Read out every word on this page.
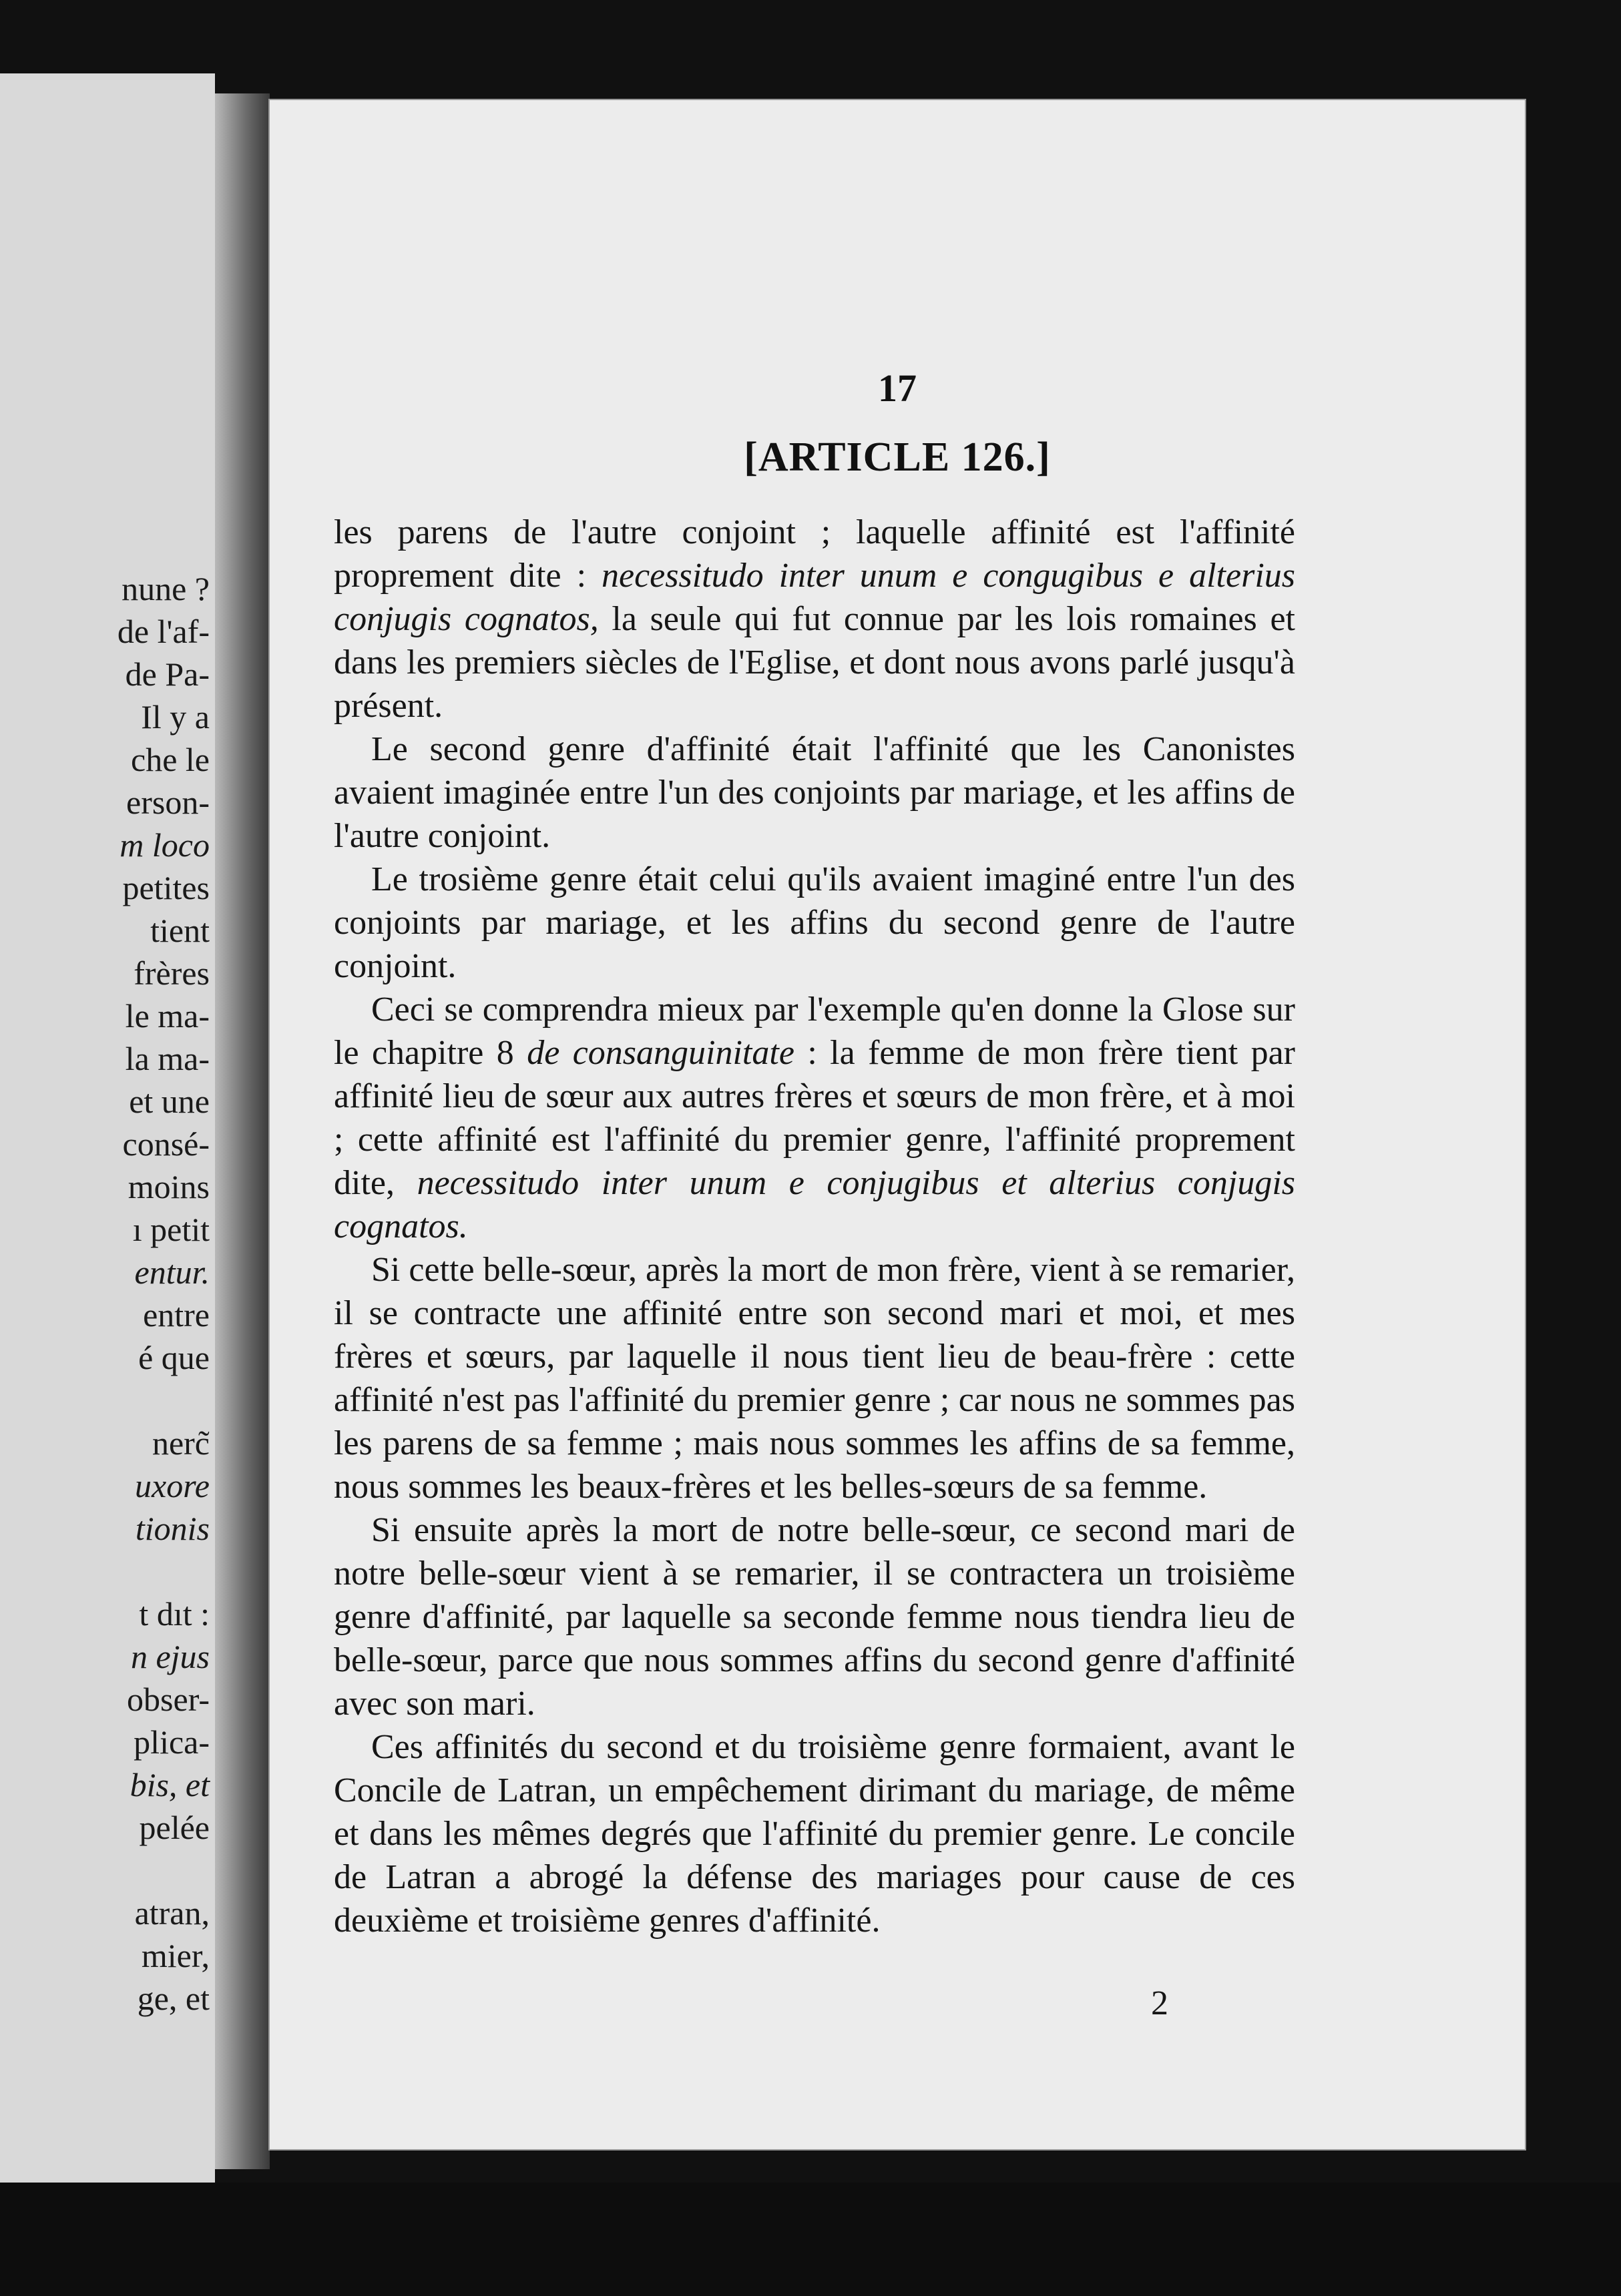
nune ?
de l'af-
de Pa-
Il y a
che le
erson-
m loco
petites
tient
frères
le ma-
la ma-
et une
consé-
moins
ı petit
entur.
entre
é que
nerc̃
uxore
tionis
t dıt :
n ejus
obser-
plica-
bis, et
pelée
atran,
mier,
ge, et
17
[ARTICLE 126.]

les parens de l'autre conjoint ; laquelle affinité est l'affinité proprement dite : necessitudo inter unum e congugibus e alterius conjugis cognatos, la seule qui fut connue par les lois romaines et dans les premiers siècles de l'Eglise, et dont nous avons parlé jusqu'à présent.

Le second genre d'affinité était l'affinité que les Canonistes avaient imaginée entre l'un des conjoints par mariage, et les affins de l'autre conjoint.

Le trosième genre était celui qu'ils avaient imaginé entre l'un des conjoints par mariage, et les affins du second genre de l'autre conjoint.

Ceci se comprendra mieux par l'exemple qu'en donne la Glose sur le chapitre 8 de consanguinitate : la femme de mon frère tient par affinité lieu de sœur aux autres frères et sœurs de mon frère, et à moi ; cette affinité est l'affinité du premier genre, l'affinité proprement dite, necessitudo inter unum e conjugibus et alterius conjugis cognatos.

Si cette belle-sœur, après la mort de mon frère, vient à se remarier, il se contracte une affinité entre son second mari et moi, et mes frères et sœurs, par laquelle il nous tient lieu de beau-frère : cette affinité n'est pas l'affinité du premier genre ; car nous ne sommes pas les parens de sa femme ; mais nous sommes les affins de sa femme, nous sommes les beaux-frères et les belles-sœurs de sa femme.

Si ensuite après la mort de notre belle-sœur, ce second mari de notre belle-sœur vient à se remarier, il se contractera un troisième genre d'affinité, par laquelle sa seconde femme nous tiendra lieu de belle-sœur, parce que nous sommes affins du second genre d'affinité avec son mari.

Ces affinités du second et du troisième genre formaient, avant le Concile de Latran, un empêchement dirimant du mariage, de même et dans les mêmes degrés que l'affinité du premier genre. Le concile de Latran a abrogé la défense des mariages pour cause de ces deuxième et troisième genres d'affinité.

2
